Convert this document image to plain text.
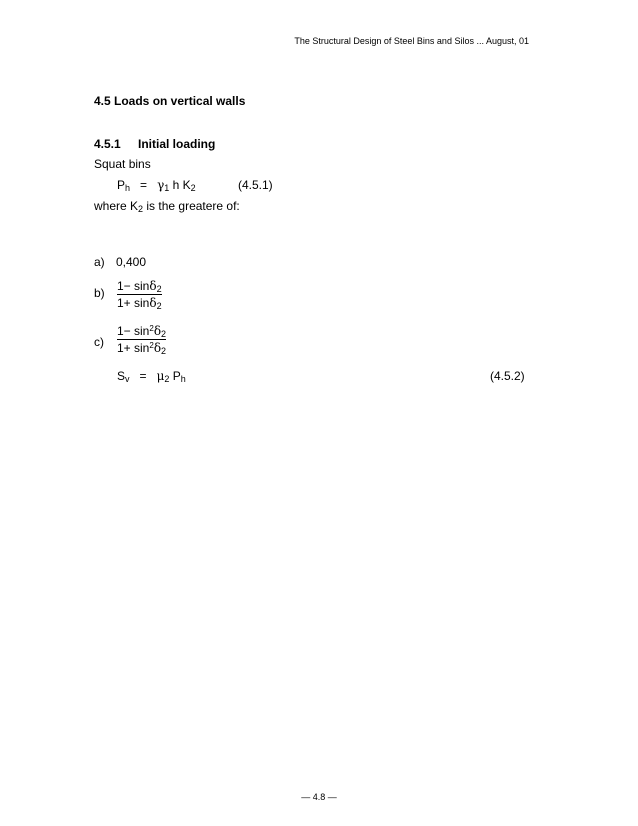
The Structural Design of Steel Bins and Silos ... August, 01
4.5 Loads on vertical walls
4.5.1 Initial loading
Squat bins
$P_h = \gamma_1$ h $K_2$	(4.5.1)
where $K_2$ is the greatere of:
a) 0,400
b) 1− sinδ$_2$
1+ sinδ$_2$
c)
$1- \sin^2\delta_2$
$1+ \sin^2\delta_2$
$S_v = \mu_2$ $P_h$	(4.5.2)
— 4.8 —
